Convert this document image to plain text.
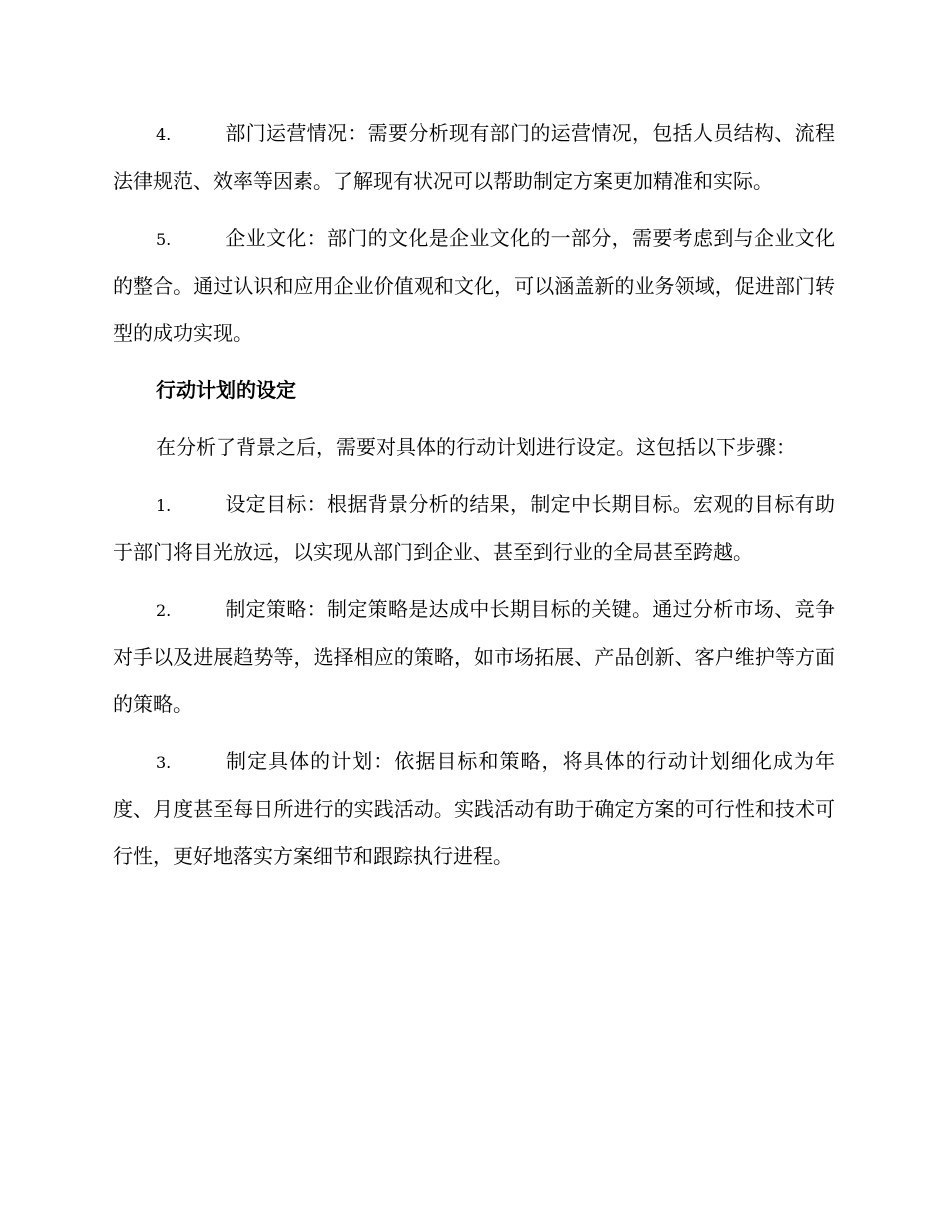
4.	部门运营情况：需要分析现有部门的运营情况，包括人员结构、流程法律规范、效率等因素。了解现有状况可以帮助制定方案更加精准和实际。

5.	企业文化：部门的文化是企业文化的一部分，需要考虑到与企业文化的整合。通过认识和应用企业价值观和文化，可以涵盖新的业务领域，促进部门转型的成功实现。

行动计划的设定

在分析了背景之后，需要对具体的行动计划进行设定。这包括以下步骤：

1.	设定目标：根据背景分析的结果，制定中长期目标。宏观的目标有助于部门将目光放远，以实现从部门到企业、甚至到行业的全局甚至跨越。

2.	制定策略：制定策略是达成中长期目标的关键。通过分析市场、竞争对手以及进展趋势等，选择相应的策略，如市场拓展、产品创新、客户维护等方面的策略。

3.	制定具体的计划：依据目标和策略，将具体的行动计划细化成为年度、月度甚至每日所进行的实践活动。实践活动有助于确定方案的可行性和技术可行性，更好地落实方案细节和跟踪执行进程。
